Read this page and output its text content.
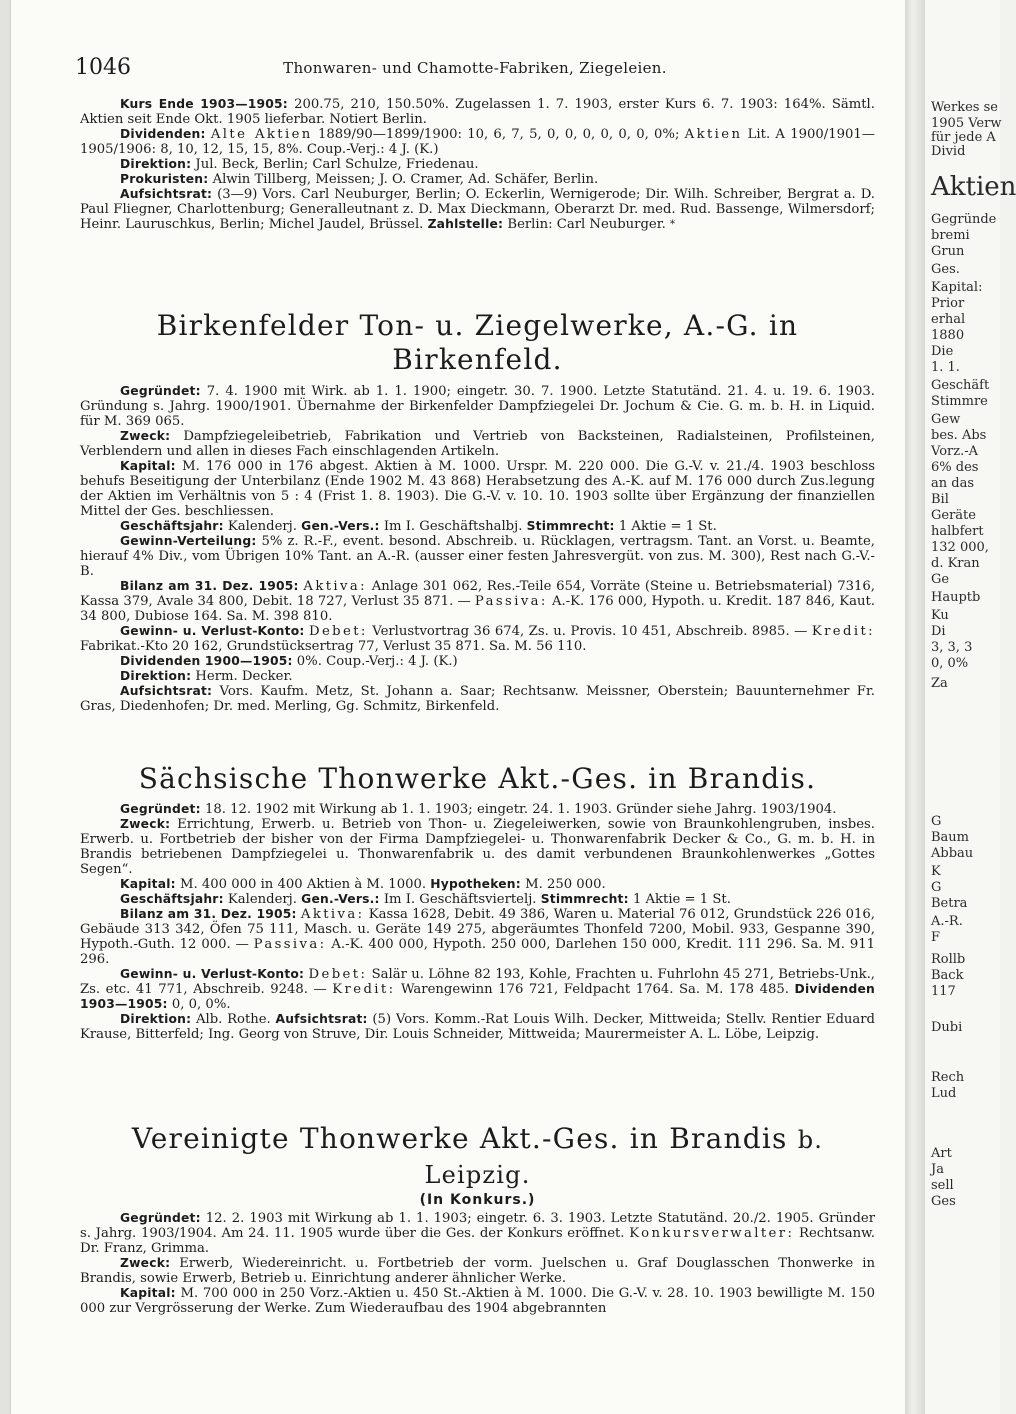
1046	Thonwaren- und Chamotte-Fabriken, Ziegeleien.

Kurs Ende 1903—1905: 200.75, 210, 150.50%. Zugelassen 1. 7. 1903, erster Kurs 6. 7. 1903: 164%. Sämtl. Aktien seit Ende Okt. 1905 lieferbar. Notiert Berlin.

Dividenden: Alte Aktien 1889/90—1899/1900: 10, 6, 7, 5, 0, 0, 0, 0, 0, 0, 0%; Aktien Lit. A 1900/1901—1905/1906: 8, 10, 12, 15, 15, 8%. Coup.-Verj.: 4 J. (K.)

Direktion: Jul. Beck, Berlin; Carl Schulze, Friedenau.

Prokuristen: Alwin Tillberg, Meissen; J. O. Cramer, Ad. Schäfer, Berlin.

Aufsichtsrat: (3—9) Vors. Carl Neuburger, Berlin; O. Eckerlin, Wernigerode; Dir. Wilh. Schreiber, Bergrat a. D. Paul Fliegner, Charlottenburg; Generalleutnant z. D. Max Dieckmann, Oberarzt Dr. med. Rud. Bassenge, Wilmersdorf; Heinr. Lauruschkus, Berlin; Michel Jaudel, Brüssel. Zahlstelle: Berlin: Carl Neuburger. *

Birkenfelder Ton- u. Ziegelwerke, A.-G. in Birkenfeld.

Gegründet: 7. 4. 1900 mit Wirk. ab 1. 1. 1900; eingetr. 30. 7. 1900. Letzte Statutänd. 21. 4. u. 19. 6. 1903. Gründung s. Jahrg. 1900/1901. Übernahme der Birkenfelder Dampfziegelei Dr. Jochum & Cie. G. m. b. H. in Liquid. für M. 369 065.

Zweck: Dampfziegeleibetrieb, Fabrikation und Vertrieb von Backsteinen, Radialsteinen, Profilsteinen, Verblendern und allen in dieses Fach einschlagenden Artikeln.

Kapital: M. 176 000 in 176 abgest. Aktien à M. 1000. Urspr. M. 220 000. Die G.-V. v. 21./4. 1903 beschloss behufs Beseitigung der Unterbilanz (Ende 1902 M. 43 868) Herabsetzung des A.-K. auf M. 176 000 durch Zus.legung der Aktien im Verhältnis von 5 : 4 (Frist 1. 8. 1903). Die G.-V. v. 10. 10. 1903 sollte über Ergänzung der finanziellen Mittel der Ges. beschliessen.

Geschäftsjahr: Kalenderj. Gen.-Vers.: Im I. Geschäftshalbj. Stimmrecht: 1 Aktie = 1 St.

Gewinn-Verteilung: 5% z. R.-F., event. besond. Abschreib. u. Rücklagen, vertragsm. Tant. an Vorst. u. Beamte, hierauf 4% Div., vom Übrigen 10% Tant. an A.-R. (ausser einer festen Jahresvergüt. von zus. M. 300), Rest nach G.-V.-B.

Bilanz am 31. Dez. 1905: Aktiva: Anlage 301 062, Res.-Teile 654, Vorräte (Steine u. Betriebsmaterial) 7316, Kassa 379, Avale 34 800, Debit. 18 727, Verlust 35 871. — Passiva: A.-K. 176 000, Hypoth. u. Kredit. 187 846, Kaut. 34 800, Dubiose 164. Sa. M. 398 810.

Gewinn- u. Verlust-Konto: Debet: Verlustvortrag 36 674, Zs. u. Provis. 10 451, Abschreib. 8985. — Kredit: Fabrikat.-Kto 20 162, Grundstücksertrag 77, Verlust 35 871. Sa. M. 56 110.

Dividenden 1900—1905: 0%. Coup.-Verj.: 4 J. (K.)

Direktion: Herm. Decker.

Aufsichtsrat: Vors. Kaufm. Metz, St. Johann a. Saar; Rechtsanw. Meissner, Oberstein; Bauunternehmer Fr. Gras, Diedenhofen; Dr. med. Merling, Gg. Schmitz, Birkenfeld.

Sächsische Thonwerke Akt.-Ges. in Brandis.

Gegründet: 18. 12. 1902 mit Wirkung ab 1. 1. 1903; eingetr. 24. 1. 1903. Gründer siehe Jahrg. 1903/1904.

Zweck: Errichtung, Erwerb. u. Betrieb von Thon- u. Ziegeleiwerken, sowie von Braunkohlengruben, insbes. Erwerb. u. Fortbetrieb der bisher von der Firma Dampfziegelei- u. Thonwarenfabrik Decker & Co., G. m. b. H. in Brandis betriebenen Dampfziegelei u. Thonwarenfabrik u. des damit verbundenen Braunkohlenwerkes „Gottes Segen“.

Kapital: M. 400 000 in 400 Aktien à M. 1000. Hypotheken: M. 250 000.

Geschäftsjahr: Kalenderj. Gen.-Vers.: Im I. Geschäftsviertelj. Stimmrecht: 1 Aktie = 1 St.

Bilanz am 31. Dez. 1905: Aktiva: Kassa 1628, Debit. 49 386, Waren u. Material 76 012, Grundstück 226 016, Gebäude 313 342, Öfen 75 111, Masch. u. Geräte 149 275, abgeräumtes Thonfeld 7200, Mobil. 933, Gespanne 390, Hypoth.-Guth. 12 000. — Passiva: A.-K. 400 000, Hypoth. 250 000, Darlehen 150 000, Kredit. 111 296. Sa. M. 911 296.

Gewinn- u. Verlust-Konto: Debet: Salär u. Löhne 82 193, Kohle, Frachten u. Fuhrlohn 45 271, Betriebs-Unk., Zs. etc. 41 771, Abschreib. 9248. — Kredit: Warengewinn 176 721, Feldpacht 1764. Sa. M. 178 485. Dividenden 1903—1905: 0, 0, 0%.

Direktion: Alb. Rothe. Aufsichtsrat: (5) Vors. Komm.-Rat Louis Wilh. Decker, Mittweida; Stellv. Rentier Eduard Krause, Bitterfeld; Ing. Georg von Struve, Dir. Louis Schneider, Mittweida; Maurermeister A. L. Löbe, Leipzig.

Vereinigte Thonwerke Akt.-Ges. in Brandis b. Leipzig.
(In Konkurs.)

Gegründet: 12. 2. 1903 mit Wirkung ab 1. 1. 1903; eingetr. 6. 3. 1903. Letzte Statutänd. 20./2. 1905. Gründer s. Jahrg. 1903/1904. Am 24. 11. 1905 wurde über die Ges. der Konkurs eröffnet. Konkursverwalter: Rechtsanw. Dr. Franz, Grimma.

Zweck: Erwerb, Wiedereinricht. u. Fortbetrieb der vorm. Juelschen u. Graf Douglasschen Thonwerke in Brandis, sowie Erwerb, Betrieb u. Einrichtung anderer ähnlicher Werke.

Kapital: M. 700 000 in 250 Vorz.-Aktien u. 450 St.-Aktien à M. 1000. Die G.-V. v. 28. 10. 1903 bewilligte M. 150 000 zur Vergrösserung der Werke. Zum Wiederaufbau des 1904 abgebrannten

Werkes se
1905 Verw
für jede A
Divid
Aktien
Gegründe
bremi
Grun
Ges.
Kapital:
Prior
erhal
1880
Die
1. 1.
Geschäft
Stimmre
Gew
bes. Abs
Vorz.-A
6% des
an das
Bil
Geräte
halbfert
132 000,
d. Kran
Ge
Hauptb
Ku
Di
3, 3, 3
0, 0%
Za
G
Baum
Abbau
K
G
Betra
A.-R.
F
Rollb
Back
117
Dubi
Rech
Lud
Art
Ja
sell
Ges
